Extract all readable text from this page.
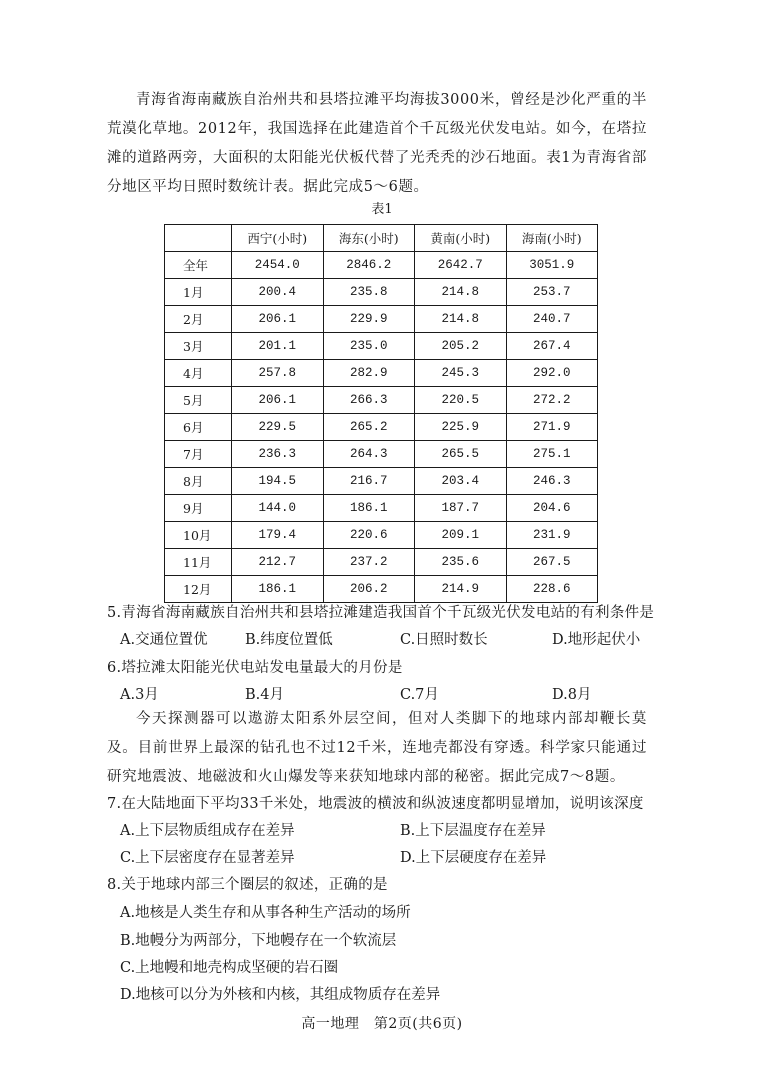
青海省海南藏族自治州共和县塔拉滩平均海拔3000米，曾经是沙化严重的半荒漠化草地。2012年，我国选择在此建造首个千瓦级光伏发电站。如今，在塔拉滩的道路两旁，大面积的太阳能光伏板代替了光秃秃的沙石地面。表1为青海省部分地区平均日照时数统计表。据此完成5～6题。
表1
	西宁(小时)	海东(小时)	黄南(小时)	海南(小时)
全年	2454.0	2846.2	2642.7	3051.9
1月	200.4	235.8	214.8	253.7
2月	206.1	229.9	214.8	240.7
3月	201.1	235.0	205.2	267.4
4月	257.8	282.9	245.3	292.0
5月	206.1	266.3	220.5	272.2
6月	229.5	265.2	225.9	271.9
7月	236.3	264.3	265.5	275.1
8月	194.5	216.7	203.4	246.3
9月	144.0	186.1	187.7	204.6
10月	179.4	220.6	209.1	231.9
11月	212.7	237.2	235.6	267.5
12月	186.1	206.2	214.9	228.6
5.青海省海南藏族自治州共和县塔拉滩建造我国首个千瓦级光伏发电站的有利条件是
A.交通位置优	B.纬度位置低	C.日照时数长	D.地形起伏小
6.塔拉滩太阳能光伏电站发电量最大的月份是
A.3月	B.4月	C.7月	D.8月
今天探测器可以遨游太阳系外层空间，但对人类脚下的地球内部却鞭长莫及。目前世界上最深的钻孔也不过12千米，连地壳都没有穿透。科学家只能通过研究地震波、地磁波和火山爆发等来获知地球内部的秘密。据此完成7～8题。
7.在大陆地面下平均33千米处，地震波的横波和纵波速度都明显增加，说明该深度
A.上下层物质组成存在差异	B.上下层温度存在差异
C.上下层密度存在显著差异	D.上下层硬度存在差异
8.关于地球内部三个圈层的叙述，正确的是
A.地核是人类生存和从事各种生产活动的场所
B.地幔分为两部分，下地幔存在一个软流层
C.上地幔和地壳构成坚硬的岩石圈
D.地核可以分为外核和内核，其组成物质存在差异
高一地理　第2页(共6页)
